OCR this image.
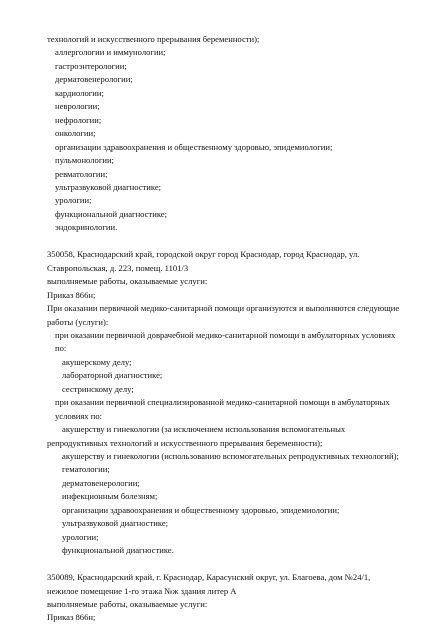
технологий и искусственного прерывания беременности);

аллергологии и иммунологии;

гастроэнтерологии;

дерматовенерологии;

кардиологии;

неврологии;

нефрологии;

онкологии;

организации здравоохранения и общественному здоровью, эпидемиологии;

пульмонологии;

ревматологии;

ультразвуковой диагностике;

урологии;

функциональной диагностике;

эндокринологии.

350058, Краснодарский край, городской округ город Краснодар, город Краснодар, ул. Ставропольская, д. 223, помещ. 1101/3

выполняемые работы, оказываемые услуги:

Приказ 866н;

При оказании первичной медико-санитарной помощи организуются и выполняются следующие работы (услуги):

при оказании первичной доврачебной медико-санитарной помощи в амбулаторных условиях по:

акушерскому делу;

лабораторной диагностике;

сестринскому делу;

при оказании первичной специализированной медико-санитарной помощи в амбулаторных условиях по:

акушерству и гинекологии (за исключением использования вспомогательных репродуктивных технологий и искусственного прерывания беременности);

акушерству и гинекологии (использованию вспомогательных репродуктивных технологий);

гематологии;

дерматовенерологии;

инфекционным болезням;

организации здравоохранения и общественному здоровью, эпидемиологии;

ультразвуковой диагностике;

урологии;

функциональной диагностике.

350089, Краснодарский край, г. Краснодар, Карасунский округ, ул. Благоева, дом №24/1, нежилое помещение 1-го этажа №ж здания литер А

выполняемые работы, оказываемые услуги:

Приказ 866н;
